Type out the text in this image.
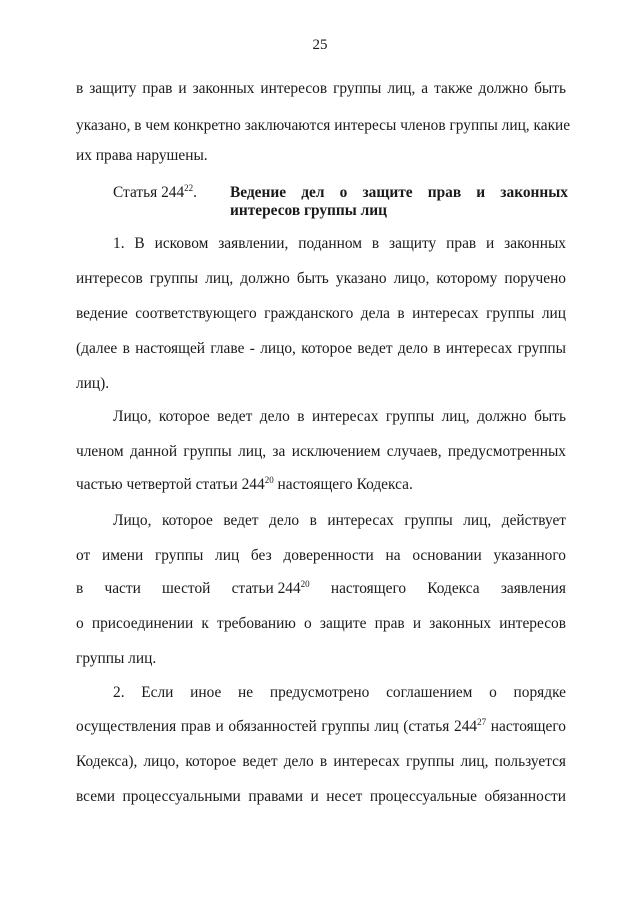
25
в защиту прав и законных интересов группы лиц, а также должно быть
указано, в чем конкретно заключаются интересы членов группы лиц, какие
их права нарушены.
Статья $244^{22}$. Ведение дел о защите прав и законных
интересов группы лиц
1. В исковом заявлении, поданном в защиту прав и законных
интересов группы лиц, должно быть указано лицо, которому поручено
ведение соответствующего гражданского дела в интересах группы лиц
(далее в настоящей главе - лицо, которое ведет дело в интересах группы
лиц).
Лицо, которое ведет дело в интересах группы лиц, должно быть
членом данной группы лиц, за исключением случаев, предусмотренных
частью четвертой статьи $244^{20}$ настоящего Кодекса.
Лицо, которое ведет дело в интересах группы лиц, действует
от имени группы лиц без доверенности на основании указанного
в части шестой статьи $244^{20}$ настоящего Кодекса заявления
о присоединении к требованию о защите прав и законных интересов
группы лиц.
2. Если иное не предусмотрено соглашением о порядке
осуществления прав и обязанностей группы лиц (статья $244^{27}$ настоящего
Кодекса), лицо, которое ведет дело в интересах группы лиц, пользуется
всеми процессуальными правами и несет процессуальные обязанности
